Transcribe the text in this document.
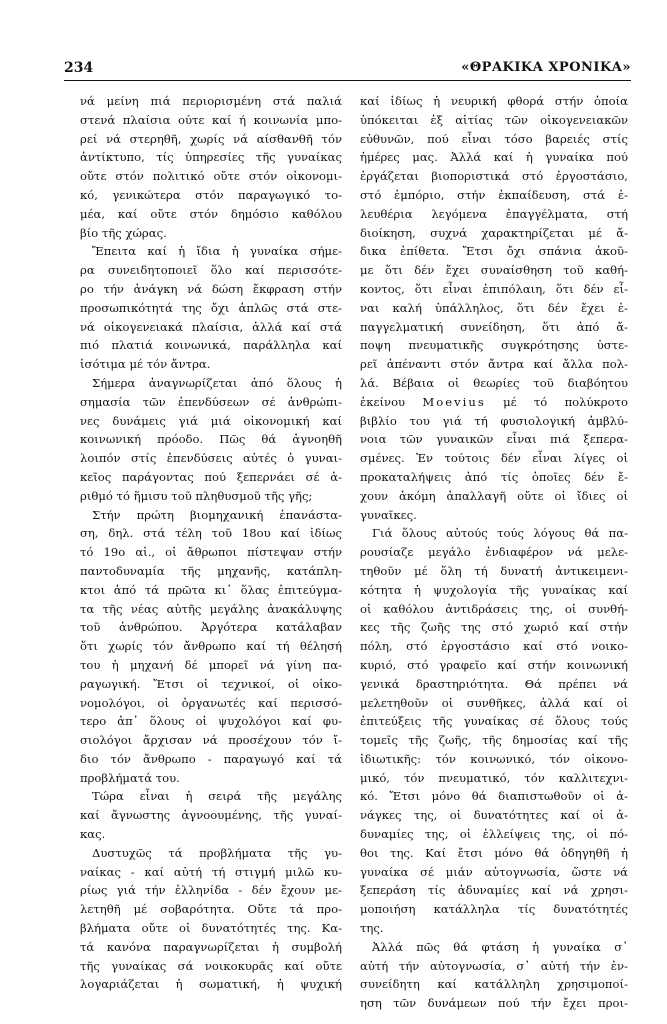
234	«ΘΡΑΚΙΚΑ ΧΡΟΝΙΚΑ»
νά μείνη πιά περιορισμένη στά παλιά
στενά πλαίσια ούτε καί ή κοινωνία μπο-
ρεί νά στερηθῆ, χωρίς νά αίσθανθῆ τόν
ἀντίκτυπο, τίς ὑπηρεσίες τῆς γυναίκας
οὔτε στόν πολιτικό οὔτε στόν οἰκονομι-
κό, γενικώτερα στόν παραγωγικό το-
μέα, καί οὔτε στόν δημόσιο καθόλου
βίο τῆς χώρας.
Ἔπειτα καί ἡ ἴδια ἡ γυναίκα σήμε-
ρα συνειδητοποιεῖ ὅλο καί περισσότε-
ρο τήν ἀνάγκη νά δώση ἔκφραση στήν
προσωπικότητά της ὄχι ἁπλῶς στά στε-
νά οἰκογενειακά πλαίσια, ἀλλά καί στά
πιό πλατιά κοινωνικά, παράλληλα καί
ἰσότιμα μέ τόν ἄντρα.
Σήμερα ἀναγνωρίζεται ἀπό ὅλους ἡ
σημασία τῶν ἐπενδύσεων σέ ἀνθρώπι-
νες δυνάμεις γιά μιά οἰκονομική καί
κοινωνική πρόοδο. Πῶς θά ἀγνοηθῆ
λοιπόν στίς ἐπενδύσεις αὐτές ὁ γυναι-
κεῖος παράγοντας πού ξεπερνάει σέ ἀ-
ριθμό τό ἥμισυ τοῦ πληθυσμοῦ τῆς γῆς;
Στήν πρώτη βιομηχανική ἐπανάστα-
ση, δηλ. στά τέλη τοῦ 18ου καί ἰδίως
τό 19ο αἰ., οἱ ἄθρωποι πίστεψαν στήν
παντοδυναμία τῆς μηχανῆς, κατάπλη-
κτοι ἀπό τά πρῶτα κι᾽ ὅλας ἐπιτεύγμα-
τα τῆς νέας αὐτῆς μεγάλης ἀνακάλυψης
τοῦ ἀνθρώπου. Ἀργότερα κατάλαβαν
ὅτι χωρίς τόν ἄνθρωπο καί τή θέλησή
του ἡ μηχανή δέ μπορεῖ νά γίνη πα-
ραγωγική. Ἔτσι οἱ τεχνικοί, οἱ οἰκο-
νομολόγοι, οἱ ὀργανωτές καί περισσό-
τερο ἀπ᾽ ὅλους οἱ ψυχολόγοι καί φυ-
σιολόγοι ἄρχισαν νά προσέχουν τόν ἴ-
διο τόν ἄνθρωπο - παραγωγό καί τά
προβλήματά του.
Τώρα εἶναι ἡ σειρά τῆς μεγάλης
καί ἄγνωστης ἀγνοουμένης, τῆς γυναί-
κας.
Δυστυχῶς τά προβλήματα τῆς γυ-
ναίκας - καί αὐτή τή στιγμή μιλῶ κυ-
ρίως γιά τήν ἑλληνίδα - δέν ἔχουν με-
λετηθῆ μέ σοβαρότητα. Οὔτε τά προ-
βλήματα οὔτε οἱ δυνατότητές της. Κα-
τά κανόνα παραγνωρίζεται ἡ συμβολή
τῆς γυναίκας σά νοικοκυρᾶς καί οὔτε
λογαριάζεται ἡ σωματική, ἡ ψυχική
καί ἰδίως ἡ νευρική φθορά στήν ὁποία
ὑπόκειται ἐξ αἰτίας τῶν οἰκογενειακῶν
εὐθυνῶν, πού εἶναι τόσο βαρειές στίς
ἡμέρες μας. Ἀλλά καί ἡ γυναίκα πού
ἐργάζεται βιοποριστικά στό ἐργοστάσιο,
στό ἐμπόριο, στήν ἐκπαίδευση, στά ἐ-
λευθέρια λεγόμενα ἐπαγγέλματα, στή
διοίκηση, συχνά χαρακτηρίζεται μέ ἄ-
δικα ἐπίθετα. Ἔτσι ὄχι σπάνια ἀκοῦ-
με ὅτι δέν ἔχει συναίσθηση τοῦ καθή-
κοντος, ὅτι εἶναι ἐπιπόλαιη, ὅτι δέν εἶ-
ναι καλή ὑπάλληλος, ὅτι δέν ἔχει ἐ-
παγγελματική συνείδηση, ὅτι ἀπό ἄ-
ποψη πνευματικῆς συγκρότησης ὑστε-
ρεῖ ἀπέναντι στόν ἄντρα καί ἄλλα πολ-
λά. Βέβαια οἱ θεωρίες τοῦ διαβόητου
ἐκείνου Moevius μέ τό πολύκροτο
βιβλίο του γιά τή φυσιολογική ἀμβλύ-
νοια τῶν γυναικῶν εἶναι πιά ξεπερα-
σμένες. Ἐν τούτοις δέν εἶναι λίγες οἱ
προκαταλήψεις ἀπό τίς ὁποῖες δέν ἔ-
χουν ἀκόμη ἀπαλλαγῆ οὔτε οἱ ἴδιες οἱ
γυναῖκες.
Γιά ὅλους αὐτούς τούς λόγους θά πα-
ρουσίαζε μεγάλο ἐνδιαφέρον νά μελε-
τηθοῦν μέ ὅλη τή δυνατή ἀντικειμενι-
κότητα ἡ ψυχολογία τῆς γυναίκας καί
οἱ καθόλου ἀντιδράσεις της, οἱ συνθή-
κες τῆς ζωῆς της στό χωριό καί στήν
πόλη, στό ἐργοστάσιο καί στό νοικο-
κυριό, στό γραφεῖο καί στήν κοινωνική
γενικά δραστηριότητα. Θά πρέπει νά
μελετηθοῦν οἱ συνθῆκες, ἀλλά καί οἱ
ἐπιτεύξεις τῆς γυναίκας σέ ὅλους τούς
τομεῖς τῆς ζωῆς, τῆς δημοσίας καί τῆς
ἰδιωτικῆς: τόν κοινωνικό, τόν οἰκονο-
μικό, τόν πνευματικό, τόν καλλιτεχνι-
κό. Ἔτσι μόνο θά διαπιστωθοῦν οἱ ἀ-
νάγκες της, οἱ δυνατότητες καί οἱ ἀ-
δυναμίες της, οἱ ἐλλείψεις της, οἱ πό-
θοι της. Καί ἔτσι μόνο θά ὁδηγηθῆ ἡ
γυναίκα σέ μιάν αὐτογνωσία, ὥστε νά
ξεπεράση τίς ἀδυναμίες καί νά χρησι-
μοποιήση κατάλληλα τίς δυνατότητές
της.
Ἀλλά πῶς θά φτάση ἡ γυναίκα σ᾽
αὐτή τήν αὐτογνωσία, σ᾽ αὐτή τήν ἐν-
συνείδητη καί κατάλληλη χρησιμοποί-
ηση τῶν δυνάμεων πού τήν ἔχει προι-
